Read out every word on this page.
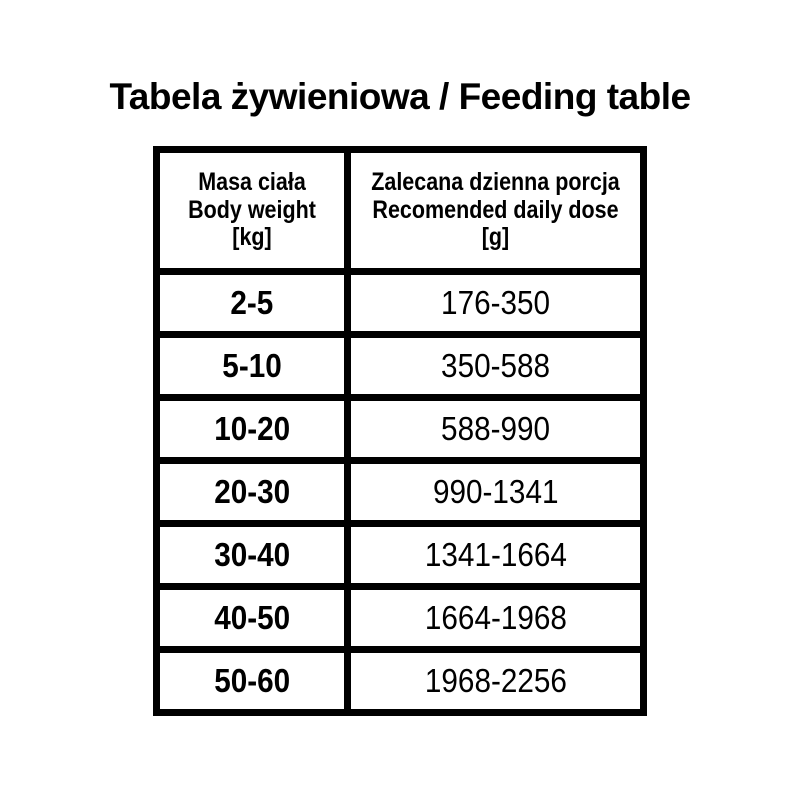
Tabela żywieniowa / Feeding table
Masa ciała
Body weight
[kg]	Zalecana dzienna porcja
Recomended daily dose
[g]

2-5	176-350
5-10	350-588
10-20	588-990
20-30	990-1341
30-40	1341-1664
40-50	1664-1968
50-60	1968-2256
